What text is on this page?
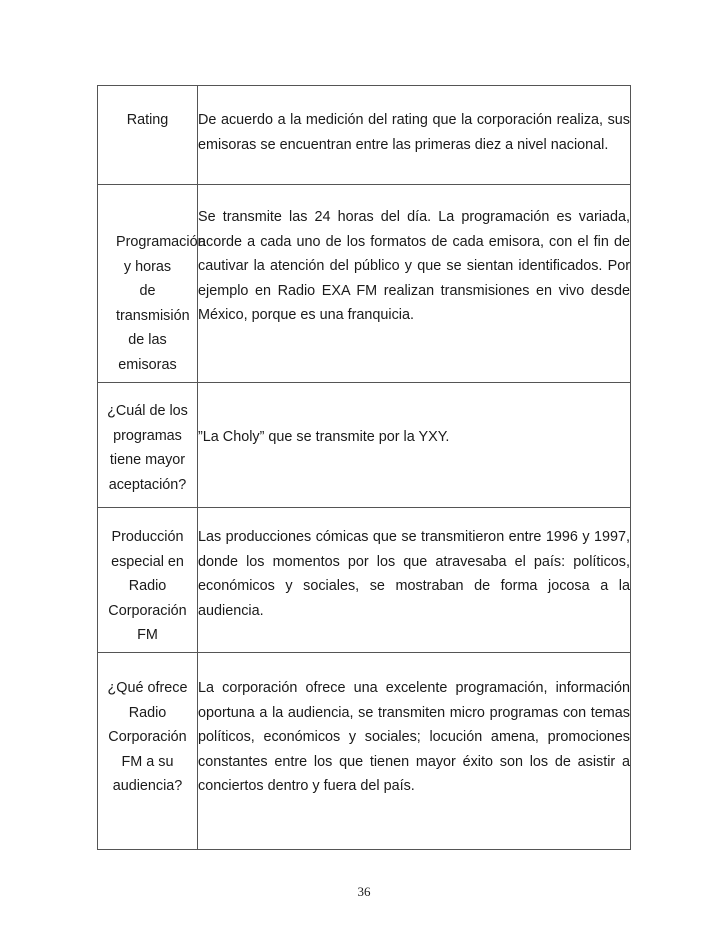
Rating	De acuerdo a la medición del rating que la corporación realiza, sus emisoras se encuentran entre las primeras diez a nivel nacional.
Programación y horas de transmisión de las emisoras	Se transmite las 24 horas del día. La programación es variada, acorde a cada uno de los formatos de cada emisora, con el fin de cautivar la atención del público y que se sientan identificados. Por ejemplo en Radio EXA FM realizan transmisiones en vivo desde México, porque es una franquicia.
¿Cuál de los programas tiene mayor aceptación?	”La Choly” que se transmite por la YXY.
Producción especial en Radio Corporación FM	Las producciones cómicas que se transmitieron entre 1996 y 1997, donde los momentos por los que atravesaba el país: políticos, económicos y sociales, se mostraban de forma jocosa a la audiencia.
¿Qué ofrece Radio Corporación FM a su audiencia?	La corporación ofrece una excelente programación, información oportuna a la audiencia, se transmiten micro programas con temas políticos, económicos y sociales; locución amena, promociones constantes entre los que tienen mayor éxito son los de asistir a conciertos dentro y fuera del país.
36
